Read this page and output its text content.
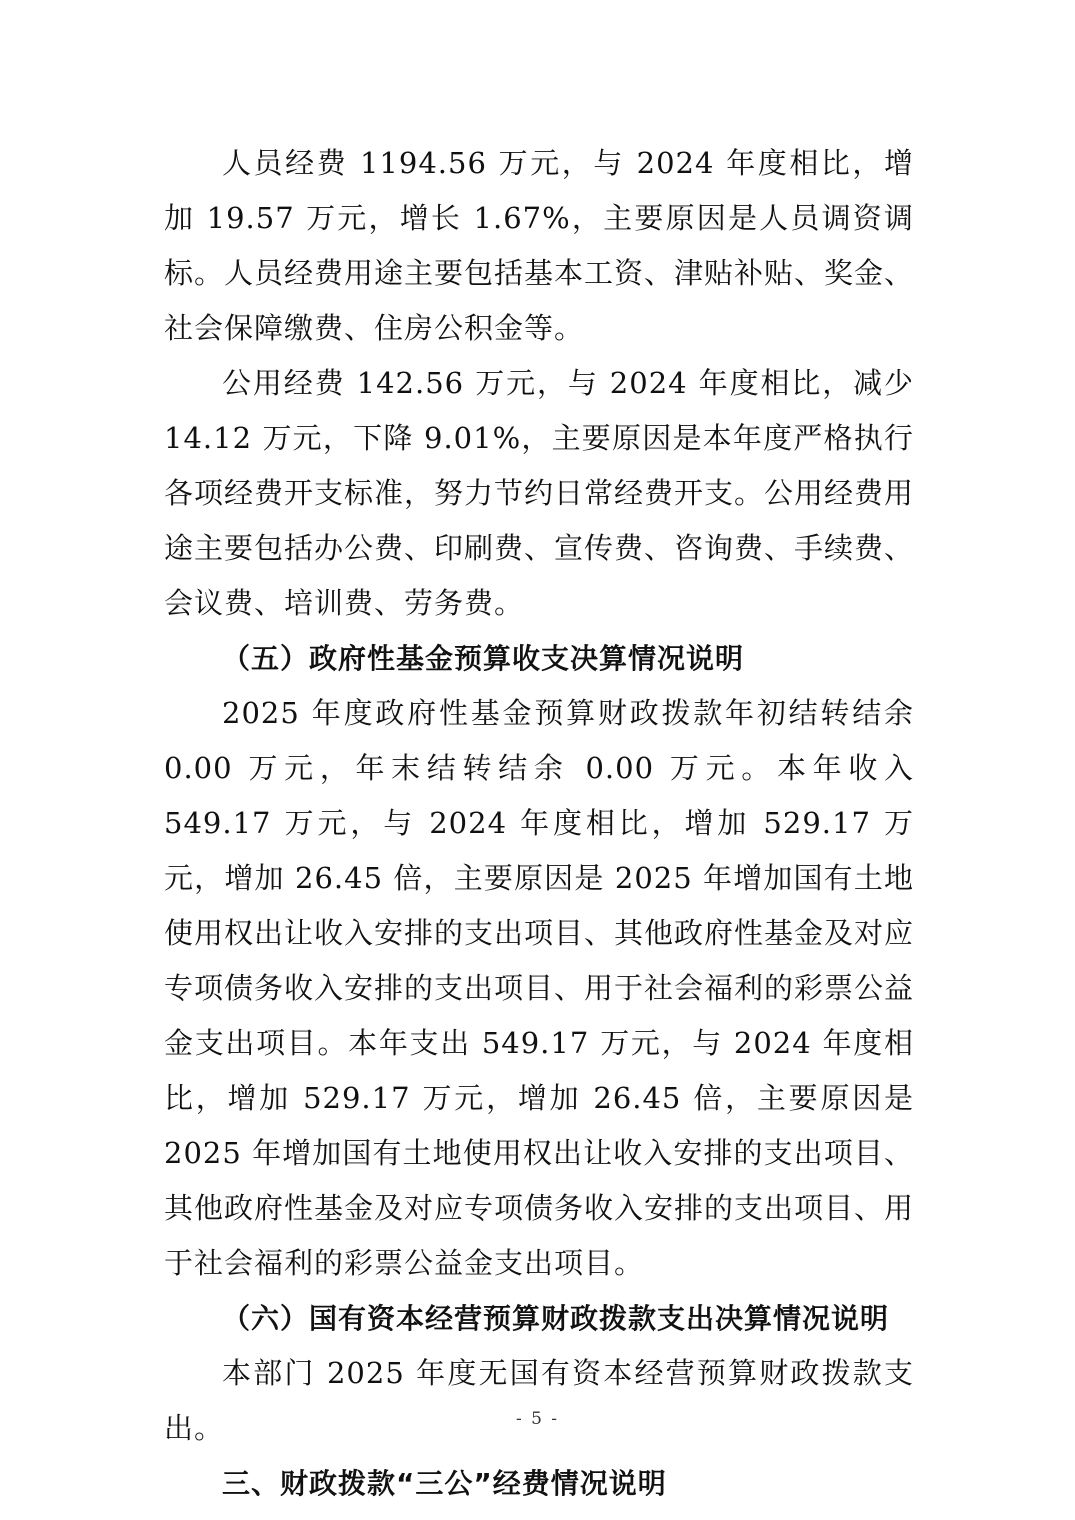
人员经费 1194.56 万元，与 2024 年度相比，增加 19.57 万元，增长 1.67%，主要原因是人员调资调标。人员经费用途主要包括基本工资、津贴补贴、奖金、社会保障缴费、住房公积金等。

公用经费 142.56 万元，与 2024 年度相比，减少 14.12 万元，下降 9.01%，主要原因是本年度严格执行各项经费开支标准，努力节约日常经费开支。公用经费用途主要包括办公费、印刷费、宣传费、咨询费、手续费、会议费、培训费、劳务费。

（五）政府性基金预算收支决算情况说明

2025 年度政府性基金预算财政拨款年初结转结余 0.00 万元，年末结转结余 0.00 万元。本年收入 549.17 万元，与 2024 年度相比，增加 529.17 万元，增加 26.45 倍，主要原因是 2025 年增加国有土地使用权出让收入安排的支出项目、其他政府性基金及对应专项债务收入安排的支出项目、用于社会福利的彩票公益金支出项目。本年支出 549.17 万元，与 2024 年度相比，增加 529.17 万元，增加 26.45 倍，主要原因是 2025 年增加国有土地使用权出让收入安排的支出项目、其他政府性基金及对应专项债务收入安排的支出项目、用于社会福利的彩票公益金支出项目。

（六）国有资本经营预算财政拨款支出决算情况说明

本部门 2025 年度无国有资本经营预算财政拨款支出。

三、财政拨款“三公”经费情况说明

- 5 -
